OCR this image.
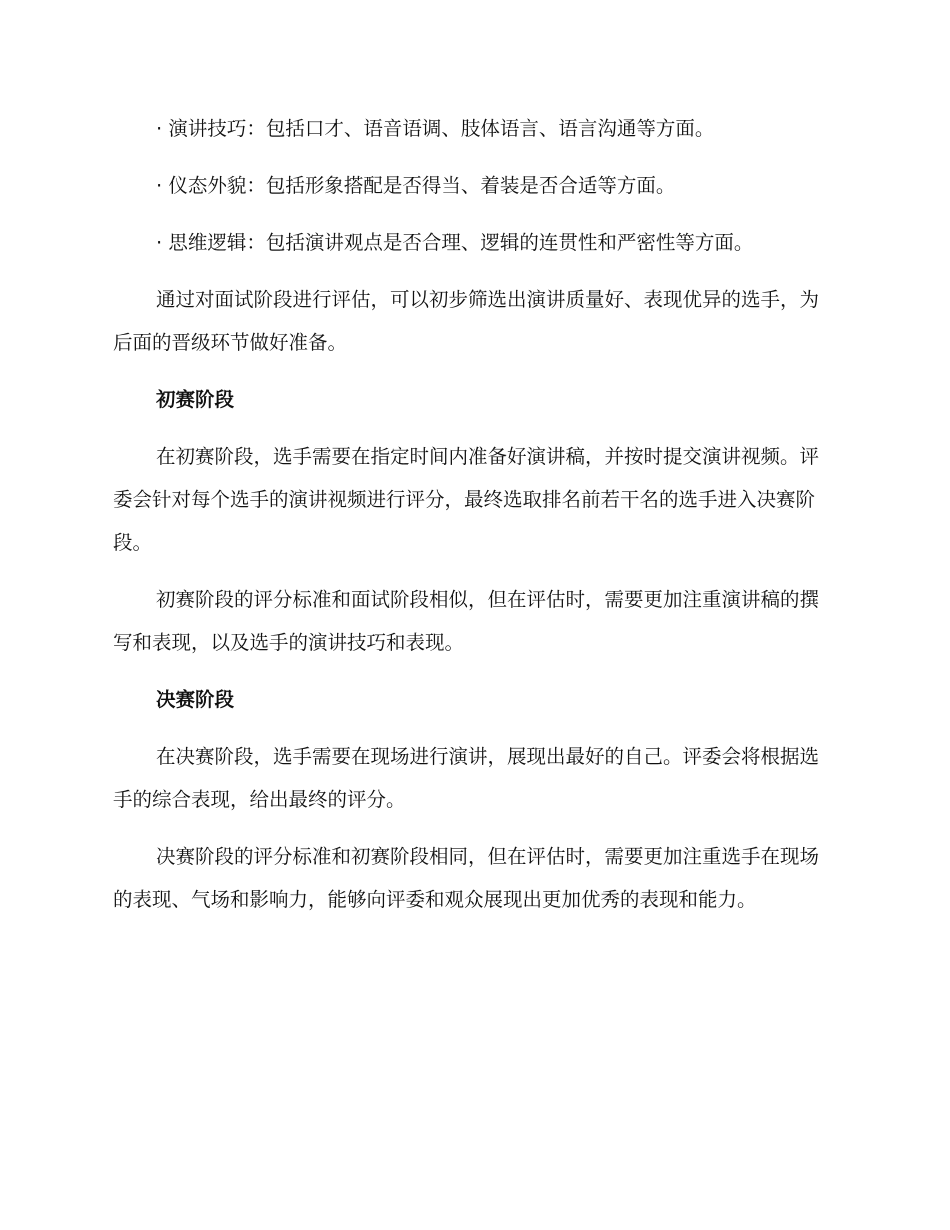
· 演讲技巧：包括口才、语音语调、肢体语言、语言沟通等方面。

· 仪态外貌：包括形象搭配是否得当、着装是否合适等方面。

· 思维逻辑：包括演讲观点是否合理、逻辑的连贯性和严密性等方面。

通过对面试阶段进行评估，可以初步筛选出演讲质量好、表现优异的选手，为后面的晋级环节做好准备。

初赛阶段

在初赛阶段，选手需要在指定时间内准备好演讲稿，并按时提交演讲视频。评委会针对每个选手的演讲视频进行评分，最终选取排名前若干名的选手进入决赛阶段。

初赛阶段的评分标准和面试阶段相似，但在评估时，需要更加注重演讲稿的撰写和表现，以及选手的演讲技巧和表现。

决赛阶段

在决赛阶段，选手需要在现场进行演讲，展现出最好的自己。评委会将根据选手的综合表现，给出最终的评分。

决赛阶段的评分标准和初赛阶段相同，但在评估时，需要更加注重选手在现场的表现、气场和影响力，能够向评委和观众展现出更加优秀的表现和能力。
